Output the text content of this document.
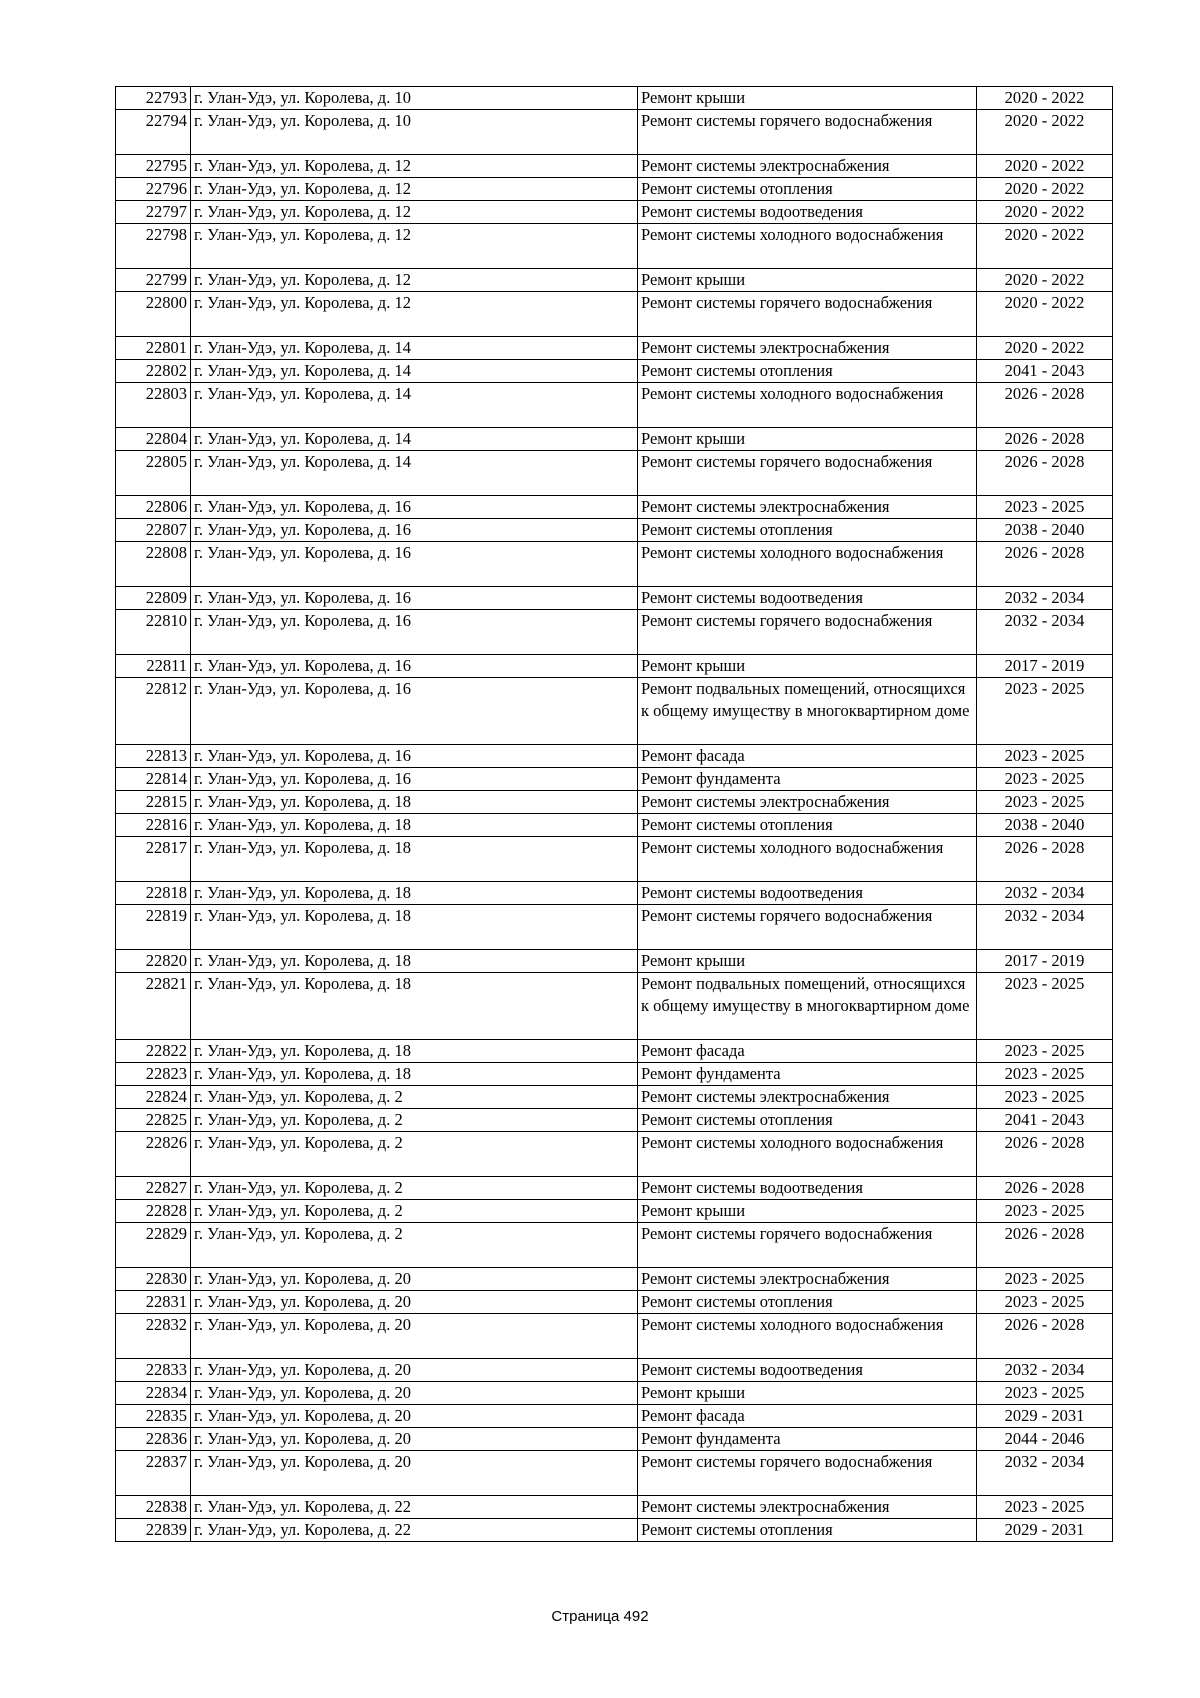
22793	г. Улан-Удэ, ул. Королева, д. 10	Ремонт крыши	2020 - 2022
22794	г. Улан-Удэ, ул. Королева, д. 10	Ремонт системы горячего водоснабжения	2020 - 2022
22795	г. Улан-Удэ, ул. Королева, д. 12	Ремонт системы электроснабжения	2020 - 2022
22796	г. Улан-Удэ, ул. Королева, д. 12	Ремонт системы отопления	2020 - 2022
22797	г. Улан-Удэ, ул. Королева, д. 12	Ремонт системы водоотведения	2020 - 2022
22798	г. Улан-Удэ, ул. Королева, д. 12	Ремонт системы холодного водоснабжения	2020 - 2022
22799	г. Улан-Удэ, ул. Королева, д. 12	Ремонт крыши	2020 - 2022
22800	г. Улан-Удэ, ул. Королева, д. 12	Ремонт системы горячего водоснабжения	2020 - 2022
22801	г. Улан-Удэ, ул. Королева, д. 14	Ремонт системы электроснабжения	2020 - 2022
22802	г. Улан-Удэ, ул. Королева, д. 14	Ремонт системы отопления	2041 - 2043
22803	г. Улан-Удэ, ул. Королева, д. 14	Ремонт системы холодного водоснабжения	2026 - 2028
22804	г. Улан-Удэ, ул. Королева, д. 14	Ремонт крыши	2026 - 2028
22805	г. Улан-Удэ, ул. Королева, д. 14	Ремонт системы горячего водоснабжения	2026 - 2028
22806	г. Улан-Удэ, ул. Королева, д. 16	Ремонт системы электроснабжения	2023 - 2025
22807	г. Улан-Удэ, ул. Королева, д. 16	Ремонт системы отопления	2038 - 2040
22808	г. Улан-Удэ, ул. Королева, д. 16	Ремонт системы холодного водоснабжения	2026 - 2028
22809	г. Улан-Удэ, ул. Королева, д. 16	Ремонт системы водоотведения	2032 - 2034
22810	г. Улан-Удэ, ул. Королева, д. 16	Ремонт системы горячего водоснабжения	2032 - 2034
22811	г. Улан-Удэ, ул. Королева, д. 16	Ремонт крыши	2017 - 2019
22812	г. Улан-Удэ, ул. Королева, д. 16	Ремонт подвальных помещений, относящихся к общему имуществу в многоквартирном доме	2023 - 2025
22813	г. Улан-Удэ, ул. Королева, д. 16	Ремонт фасада	2023 - 2025
22814	г. Улан-Удэ, ул. Королева, д. 16	Ремонт фундамента	2023 - 2025
22815	г. Улан-Удэ, ул. Королева, д. 18	Ремонт системы электроснабжения	2023 - 2025
22816	г. Улан-Удэ, ул. Королева, д. 18	Ремонт системы отопления	2038 - 2040
22817	г. Улан-Удэ, ул. Королева, д. 18	Ремонт системы холодного водоснабжения	2026 - 2028
22818	г. Улан-Удэ, ул. Королева, д. 18	Ремонт системы водоотведения	2032 - 2034
22819	г. Улан-Удэ, ул. Королева, д. 18	Ремонт системы горячего водоснабжения	2032 - 2034
22820	г. Улан-Удэ, ул. Королева, д. 18	Ремонт крыши	2017 - 2019
22821	г. Улан-Удэ, ул. Королева, д. 18	Ремонт подвальных помещений, относящихся к общему имуществу в многоквартирном доме	2023 - 2025
22822	г. Улан-Удэ, ул. Королева, д. 18	Ремонт фасада	2023 - 2025
22823	г. Улан-Удэ, ул. Королева, д. 18	Ремонт фундамента	2023 - 2025
22824	г. Улан-Удэ, ул. Королева, д. 2	Ремонт системы электроснабжения	2023 - 2025
22825	г. Улан-Удэ, ул. Королева, д. 2	Ремонт системы отопления	2041 - 2043
22826	г. Улан-Удэ, ул. Королева, д. 2	Ремонт системы холодного водоснабжения	2026 - 2028
22827	г. Улан-Удэ, ул. Королева, д. 2	Ремонт системы водоотведения	2026 - 2028
22828	г. Улан-Удэ, ул. Королева, д. 2	Ремонт крыши	2023 - 2025
22829	г. Улан-Удэ, ул. Королева, д. 2	Ремонт системы горячего водоснабжения	2026 - 2028
22830	г. Улан-Удэ, ул. Королева, д. 20	Ремонт системы электроснабжения	2023 - 2025
22831	г. Улан-Удэ, ул. Королева, д. 20	Ремонт системы отопления	2023 - 2025
22832	г. Улан-Удэ, ул. Королева, д. 20	Ремонт системы холодного водоснабжения	2026 - 2028
22833	г. Улан-Удэ, ул. Королева, д. 20	Ремонт системы водоотведения	2032 - 2034
22834	г. Улан-Удэ, ул. Королева, д. 20	Ремонт крыши	2023 - 2025
22835	г. Улан-Удэ, ул. Королева, д. 20	Ремонт фасада	2029 - 2031
22836	г. Улан-Удэ, ул. Королева, д. 20	Ремонт фундамента	2044 - 2046
22837	г. Улан-Удэ, ул. Королева, д. 20	Ремонт системы горячего водоснабжения	2032 - 2034
22838	г. Улан-Удэ, ул. Королева, д. 22	Ремонт системы электроснабжения	2023 - 2025
22839	г. Улан-Удэ, ул. Королева, д. 22	Ремонт системы отопления	2029 - 2031
Страница 492
